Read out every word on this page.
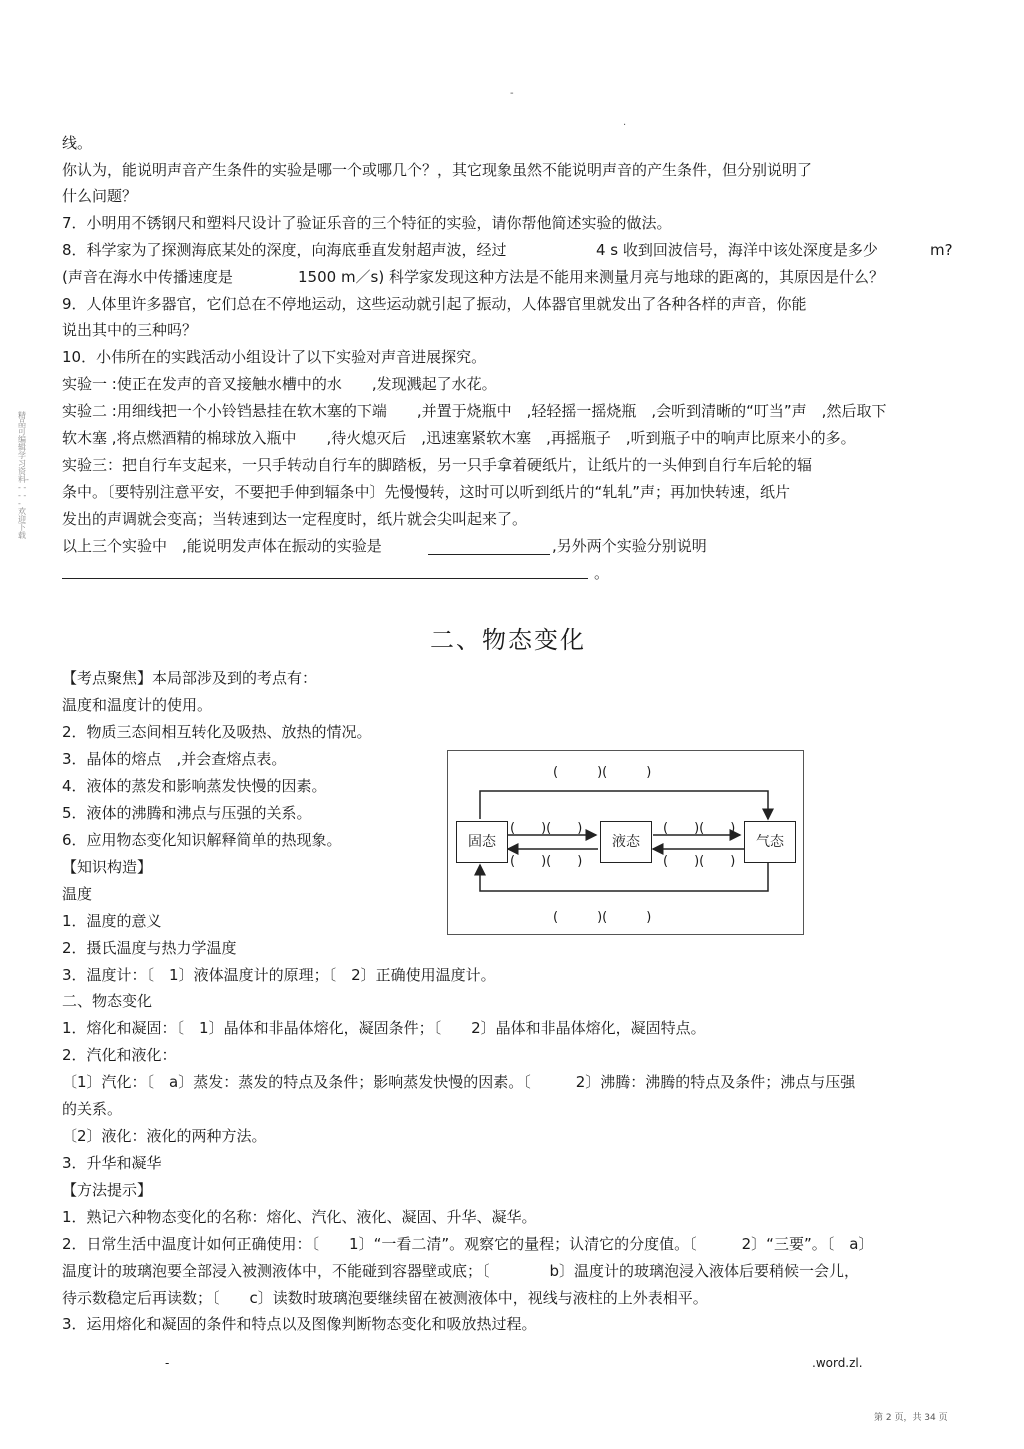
-
.
精品可编辑学习资料- - - - - - 欢迎下载
线。
你认为，能说明声音产生条件的实验是哪一个或哪几个？，其它现象虽然不能说明声音的产生条件，但分别说明了
什么问题？
7．小明用不锈钢尺和塑料尺设计了验证乐音的三个特征的实验，请你帮他简述实验的做法。
8．科学家为了探测海底某处的深度，向海底垂直发射超声波，经过	4 s 收到回波信号，海洋中该处深度是多少	m?
(声音在海水中传播速度是	1500 m／s) 科学家发现这种方法是不能用来测量月亮与地球的距离的，其原因是什么？
9．人体里许多器官，它们总在不停地运动，这些运动就引起了振动，人体器官里就发出了各种各样的声音，你能
说出其中的三种吗？
10．小伟所在的实践活动小组设计了以下实验对声音进展探究。
实验一 :使正在发声的音叉接触水槽中的水　　,发现溅起了水花。
实验二 :用细线把一个小铃铛悬挂在软木塞的下端　　,并置于烧瓶中　,轻轻摇一摇烧瓶　,会听到清晰的“叮当”声　,然后取下
软木塞 ,将点燃酒精的棉球放入瓶中　　,待火熄灭后　,迅速塞紧软木塞　,再摇瓶子　,听到瓶子中的响声比原来小的多。
实验三：把自行车支起来，一只手转动自行车的脚踏板，另一只手拿着硬纸片，让纸片的一头伸到自行车后轮的辐
条中。〔要特别注意平安，不要把手伸到辐条中〕先慢慢转，这时可以听到纸片的“轧轧”声；再加快转速，纸片
发出的声调就会变高；当转速到达一定程度时，纸片就会尖叫起来了。
以上三个实验中　,能说明发声体在振动的实验是	,另外两个实验分别说明
。
二、物态变化
【考点聚焦】本局部涉及到的考点有：
温度和温度计的使用。
2．物质三态间相互转化及吸热、放热的情况。
3．晶体的熔点　,并会查熔点表。
4．液体的蒸发和影响蒸发快慢的因素。
5．液体的沸腾和沸点与压强的关系。
6．应用物态变化知识解释简单的热现象。
【知识构造】
温度
1．温度的意义
2．摄氏温度与热力学温度
3．温度计：〔　1〕液体温度计的原理；〔　2〕正确使用温度计。
二、物态变化
1．熔化和凝固：〔　1〕晶体和非晶体熔化，凝固条件；〔　　2〕晶体和非晶体熔化，凝固特点。
2．汽化和液化：
〔1〕汽化：〔　a〕蒸发：蒸发的特点及条件；影响蒸发快慢的因素。〔　　　2〕沸腾：沸腾的特点及条件；沸点与压强
的关系。
〔2〕液化：液化的两种方法。
3．升华和凝华
【方法提示】
1．熟记六种物态变化的名称：熔化、汽化、液化、凝固、升华、凝华。
2．日常生活中温度计如何正确使用：〔　　1〕“一看二清”。观察它的量程；认清它的分度值。〔　　　2〕“三要”。〔　a〕
温度计的玻璃泡要全部浸入被测液体中，不能碰到容器壁或底；〔　　　　b〕温度计的玻璃泡浸入液体后要稍候一会儿，
待示数稳定后再读数；〔　　c〕读数时玻璃泡要继续留在被测液体中，视线与液柱的上外表相平。
3．运用熔化和凝固的条件和特点以及图像判断物态变化和吸放热过程。
固态	液态	气态
(　　　)(　　　)
(　　　)(　　　)
(　　)(　　)	(　　)(　　)
(　　)(　　)	(　　)(　　)
-	.word.zl.
第 2 页，共 34 页
